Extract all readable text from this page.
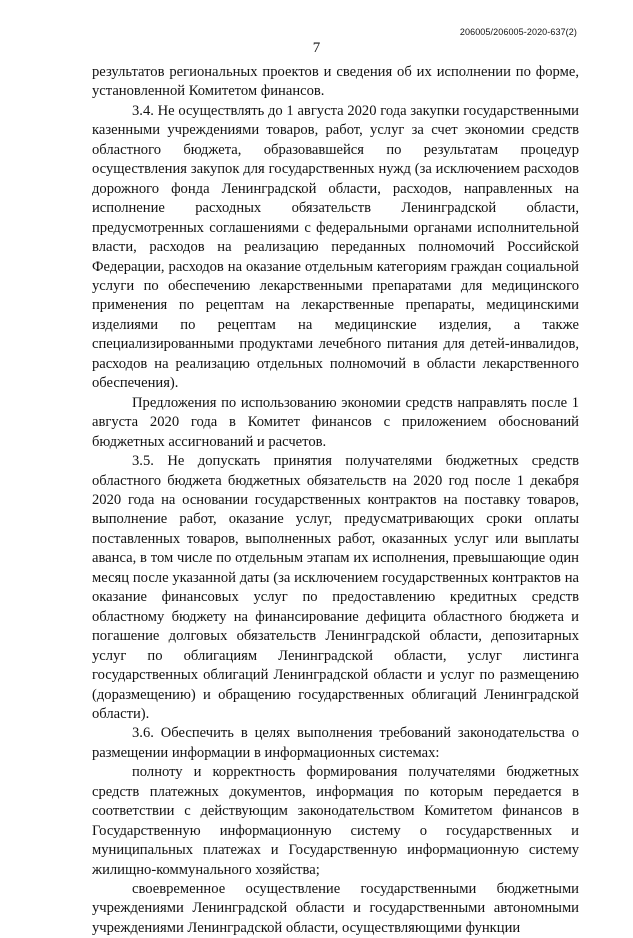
206005/206005-2020-637(2)
7

результатов региональных проектов и сведения об их исполнении по форме, установленной Комитетом финансов.

3.4. Не осуществлять до 1 августа 2020 года закупки государственными казенными учреждениями товаров, работ, услуг за счет экономии средств областного бюджета, образовавшейся по результатам процедур осуществления закупок для государственных нужд (за исключением расходов дорожного фонда Ленинградской области, расходов, направленных на исполнение расходных обязательств Ленинградской области, предусмотренных соглашениями с федеральными органами исполнительной власти, расходов на реализацию переданных полномочий Российской Федерации, расходов на оказание отдельным категориям граждан социальной услуги по обеспечению лекарственными препаратами для медицинского применения по рецептам на лекарственные препараты, медицинскими изделиями по рецептам на медицинские изделия, а также специализированными продуктами лечебного питания для детей-инвалидов, расходов на реализацию отдельных полномочий в области лекарственного обеспечения).

Предложения по использованию экономии средств направлять после 1 августа 2020 года в Комитет финансов с приложением обоснований бюджетных ассигнований и расчетов.

3.5. Не допускать принятия получателями бюджетных средств областного бюджета бюджетных обязательств на 2020 год после 1 декабря 2020 года на основании государственных контрактов на поставку товаров, выполнение работ, оказание услуг, предусматривающих сроки оплаты поставленных товаров, выполненных работ, оказанных услуг или выплаты аванса, в том числе по отдельным этапам их исполнения, превышающие один месяц после указанной даты (за исключением государственных контрактов на оказание финансовых услуг по предоставлению кредитных средств областному бюджету на финансирование дефицита областного бюджета и погашение долговых обязательств Ленинградской области, депозитарных услуг по облигациям Ленинградской области, услуг листинга государственных облигаций Ленинградской области и услуг по размещению (доразмещению) и обращению государственных облигаций Ленинградской области).

3.6. Обеспечить в целях выполнения требований законодательства о размещении информации в информационных системах:

полноту и корректность формирования получателями бюджетных средств платежных документов, информация по которым передается в соответствии с действующим законодательством Комитетом финансов в Государственную информационную систему о государственных и муниципальных платежах и Государственную информационную систему жилищно-коммунального хозяйства;

своевременное осуществление государственными бюджетными учреждениями Ленинградской области и государственными автономными учреждениями Ленинградской области, осуществляющими функции
